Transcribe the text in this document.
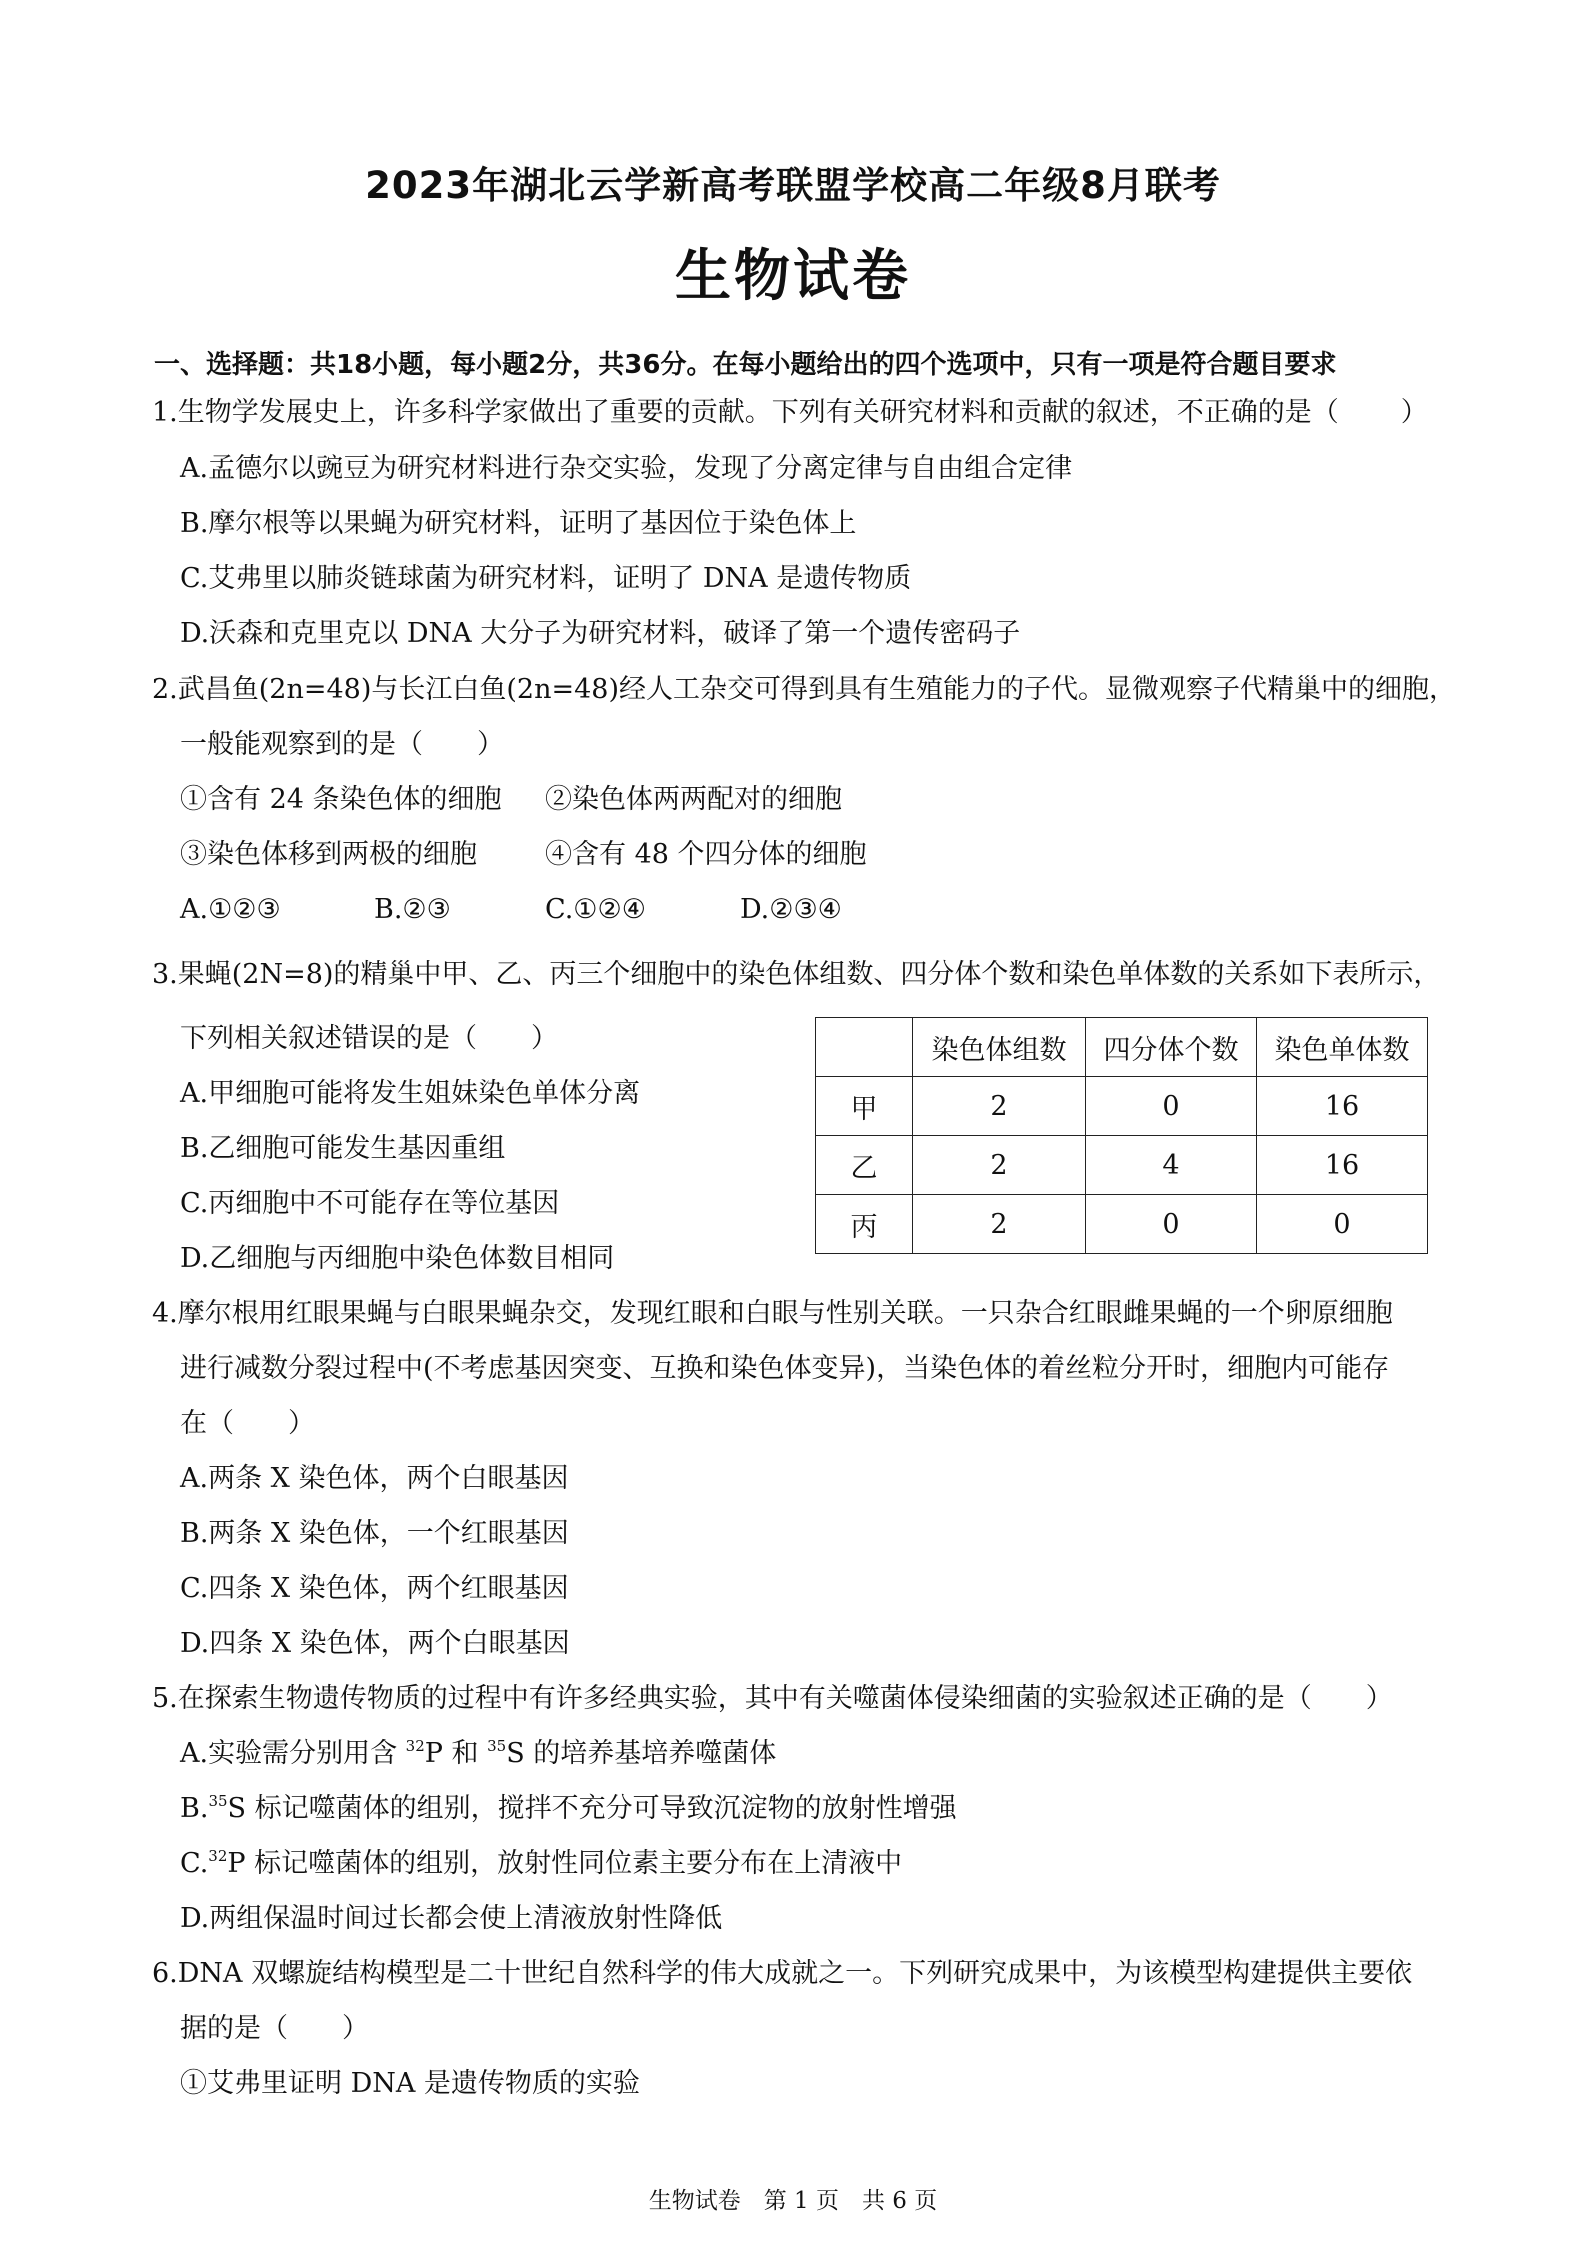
2023年湖北云学新高考联盟学校高二年级8月联考
生物试卷
一、选择题：共18小题，每小题2分，共36分。在每小题给出的四个选项中，只有一项是符合题目要求
1.生物学发展史上，许多科学家做出了重要的贡献。下列有关研究材料和贡献的叙述，不正确的是（ ）
A.孟德尔以豌豆为研究材料进行杂交实验，发现了分离定律与自由组合定律
B.摩尔根等以果蝇为研究材料，证明了基因位于染色体上
C.艾弗里以肺炎链球菌为研究材料，证明了 DNA 是遗传物质
D.沃森和克里克以 DNA 大分子为研究材料，破译了第一个遗传密码子
2.武昌鱼(2n=48)与长江白鱼(2n=48)经人工杂交可得到具有生殖能力的子代。显微观察子代精巢中的细胞，
一般能观察到的是（　　）
①含有 24 条染色体的细胞 ②染色体两两配对的细胞
③染色体移到两极的细胞	④含有 48 个四分体的细胞
A.①②③	B.②③	C.①②④	D.②③④
3.果蝇(2N=8)的精巢中甲、乙、丙三个细胞中的染色体组数、四分体个数和染色单体数的关系如下表所示，
下列相关叙述错误的是（　　）
A.甲细胞可能将发生姐妹染色单体分离
B.乙细胞可能发生基因重组
C.丙细胞中不可能存在等位基因
D.乙细胞与丙细胞中染色体数目相同
	染色体组数	四分体个数	染色单体数
甲	2	0	16
乙	2	4	16
丙	2	0	0
4.摩尔根用红眼果蝇与白眼果蝇杂交，发现红眼和白眼与性别关联。一只杂合红眼雌果蝇的一个卵原细胞
进行减数分裂过程中(不考虑基因突变、互换和染色体变异)，当染色体的着丝粒分开时，细胞内可能存
在（　　）
A.两条 X 染色体，两个白眼基因
B.两条 X 染色体，一个红眼基因
C.四条 X 染色体，两个红眼基因
D.四条 X 染色体，两个白眼基因
5.在探索生物遗传物质的过程中有许多经典实验，其中有关噬菌体侵染细菌的实验叙述正确的是（　　）
A.实验需分别用含 $^{32}$P 和 $^{35}$S 的培养基培养噬菌体
B.$^{35}$S 标记噬菌体的组别，搅拌不充分可导致沉淀物的放射性增强
C.$^{32}$P 标记噬菌体的组别，放射性同位素主要分布在上清液中
D.两组保温时间过长都会使上清液放射性降低
6.DNA 双螺旋结构模型是二十世纪自然科学的伟大成就之一。下列研究成果中，为该模型构建提供主要依
据的是（　　）
①艾弗里证明 DNA 是遗传物质的实验
生物试卷　第 1 页　共 6 页
